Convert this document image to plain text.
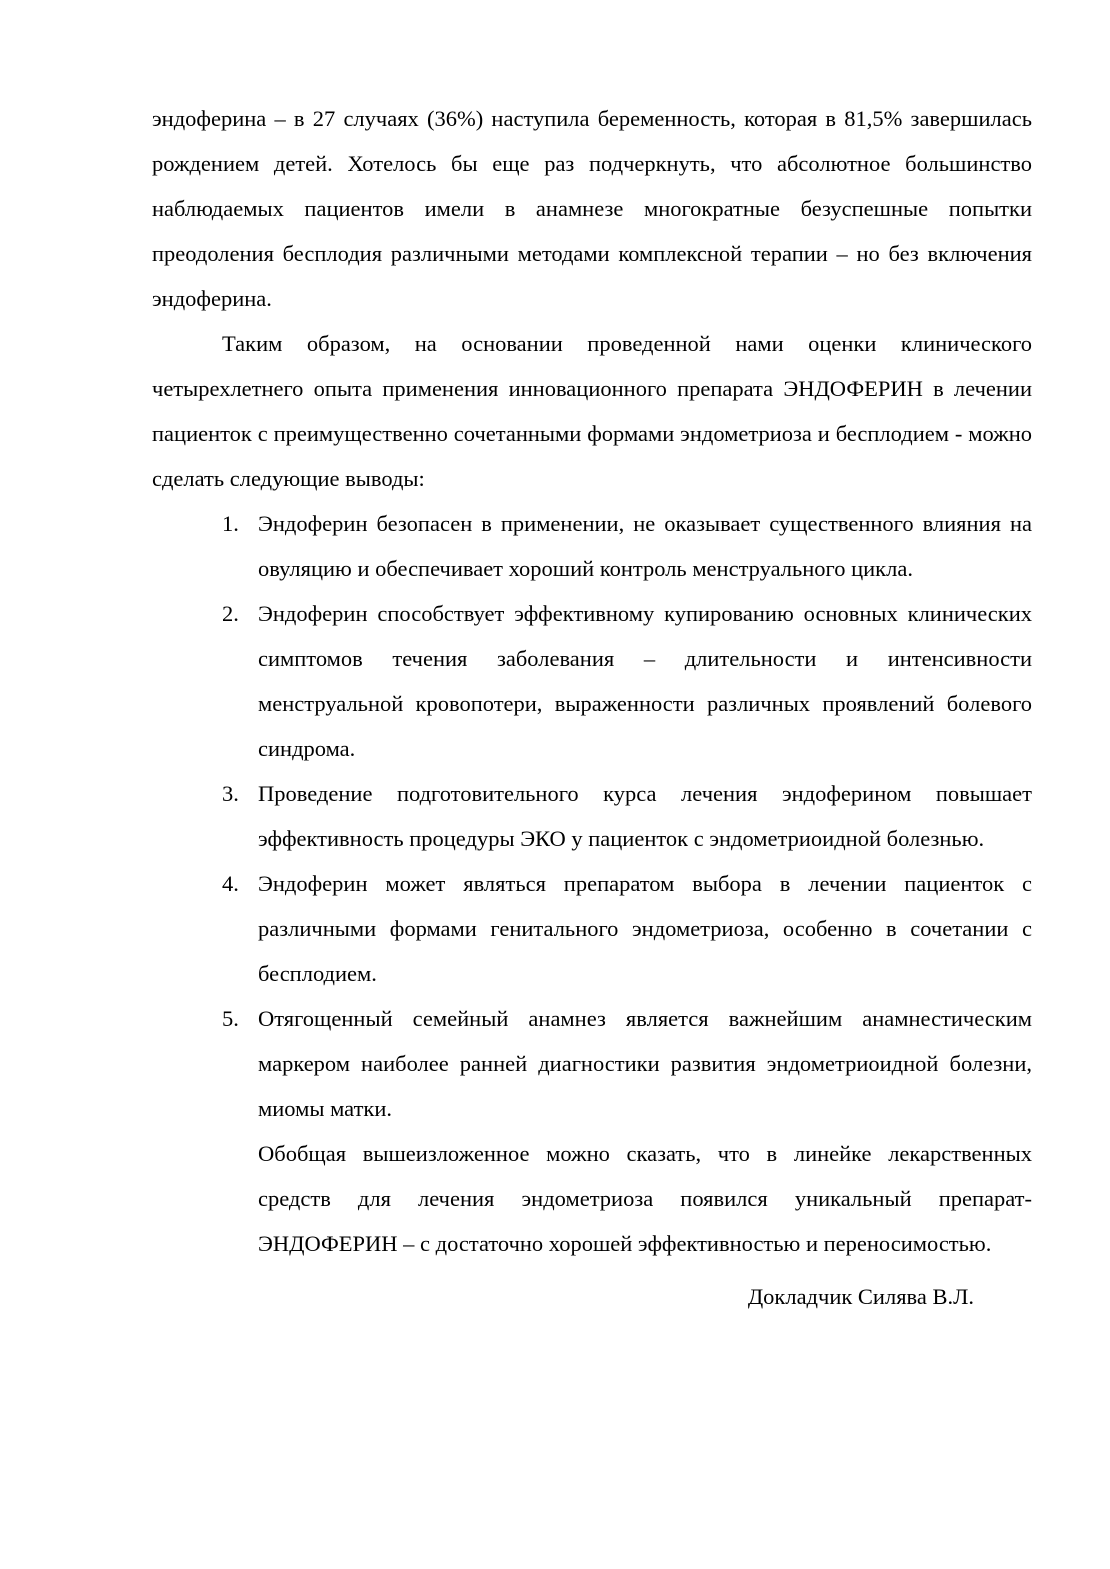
эндоферина – в 27 случаях (36%) наступила беременность, которая в 81,5% завершилась рождением детей. Хотелось бы еще раз подчеркнуть, что абсолютное большинство наблюдаемых пациентов имели в анамнезе многократные безуспешные попытки преодоления бесплодия различными методами комплексной терапии – но без включения эндоферина.

Таким образом, на основании проведенной нами оценки клинического четырехлетнего опыта применения инновационного препарата ЭНДОФЕРИН в лечении пациенток с преимущественно сочетанными формами эндометриоза и бесплодием - можно сделать следующие выводы:

Эндоферин безопасен в применении, не оказывает существенного влияния на овуляцию и обеспечивает хороший контроль менструального цикла.
Эндоферин способствует эффективному купированию основных клинических симптомов течения заболевания – длительности и интенсивности менструальной кровопотери, выраженности различных проявлений болевого синдрома.
Проведение подготовительного курса лечения эндоферином повышает эффективность процедуры ЭКО у пациенток с эндометриоидной болезнью.
Эндоферин может являться препаратом выбора в лечении пациенток с различными формами генитального эндометриоза, особенно в сочетании с бесплодием.
Отягощенный семейный анамнез является важнейшим анамнестическим маркером наиболее ранней диагностики развития эндометриоидной болезни, миомы матки.

Обобщая вышеизложенное можно сказать, что в линейке лекарственных средств для лечения эндометриоза появился уникальный препарат- ЭНДОФЕРИН – с достаточно хорошей эффективностью и переносимостью.

Докладчик Силява В.Л.
